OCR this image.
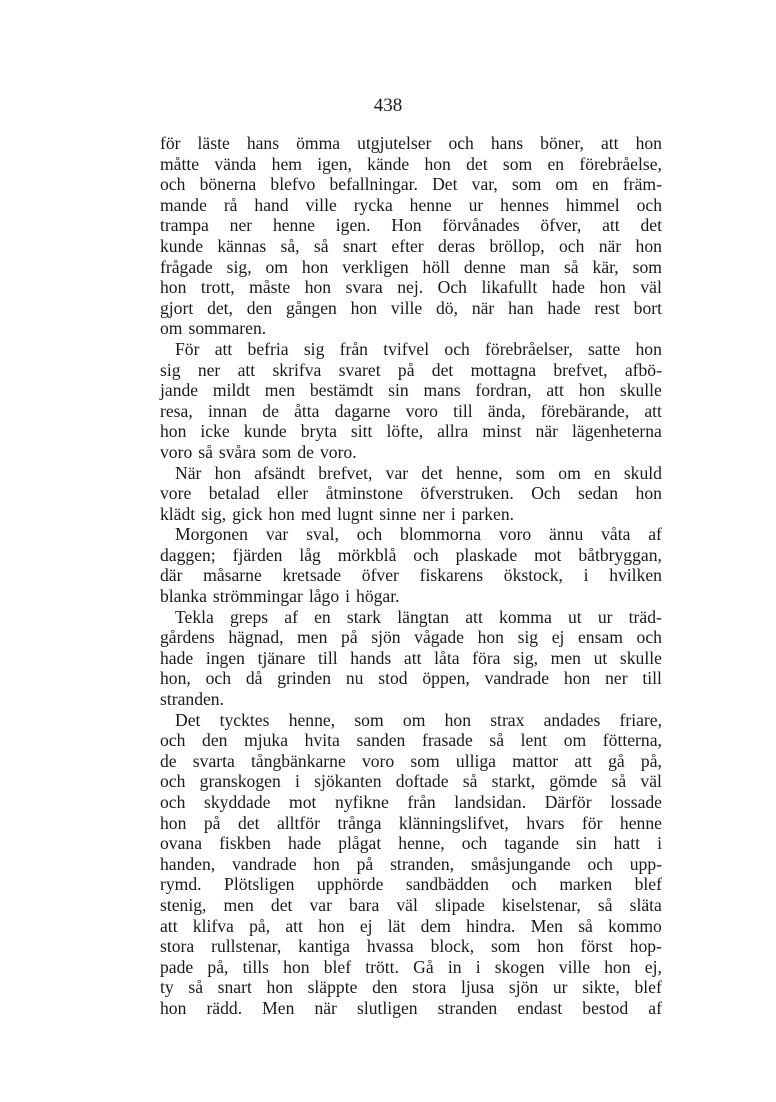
438
för läste hans ömma utgjutelser och hans böner, att hon
måtte vända hem igen, kände hon det som en förebråelse,
och bönerna blefvo befallningar. Det var, som om en främ-
mande rå hand ville rycka henne ur hennes himmel och
trampa ner henne igen. Hon förvånades öfver, att det
kunde kännas så, så snart efter deras bröllop, och när hon
frågade sig, om hon verkligen höll denne man så kär, som
hon trott, måste hon svara nej. Och likafullt hade hon väl
gjort det, den gången hon ville dö, när han hade rest bort
om sommaren.
För att befria sig från tvifvel och förebråelser, satte hon
sig ner att skrifva svaret på det mottagna brefvet, afbö-
jande mildt men bestämdt sin mans fordran, att hon skulle
resa, innan de åtta dagarne voro till ända, förebärande, att
hon icke kunde bryta sitt löfte, allra minst när lägenheterna
voro så svåra som de voro.
När hon afsändt brefvet, var det henne, som om en skuld
vore betalad eller åtminstone öfverstruken. Och sedan hon
klädt sig, gick hon med lugnt sinne ner i parken.
Morgonen var sval, och blommorna voro ännu våta af
daggen; fjärden låg mörkblå och plaskade mot båtbryggan,
där måsarne kretsade öfver fiskarens ökstock, i hvilken
blanka strömmingar lågo i högar.
Tekla greps af en stark längtan att komma ut ur träd-
gårdens hägnad, men på sjön vågade hon sig ej ensam och
hade ingen tjänare till hands att låta föra sig, men ut skulle
hon, och då grinden nu stod öppen, vandrade hon ner till
stranden.
Det tycktes henne, som om hon strax andades friare,
och den mjuka hvita sanden frasade så lent om fötterna,
de svarta tångbänkarne voro som ulliga mattor att gå på,
och granskogen i sjökanten doftade så starkt, gömde så väl
och skyddade mot nyfikne från landsidan. Därför lossade
hon på det alltför trånga klänningslifvet, hvars för henne
ovana fiskben hade plågat henne, och tagande sin hatt i
handen, vandrade hon på stranden, småsjungande och upp-
rymd. Plötsligen upphörde sandbädden och marken blef
stenig, men det var bara väl slipade kiselstenar, så släta
att klifva på, att hon ej lät dem hindra. Men så kommo
stora rullstenar, kantiga hvassa block, som hon först hop-
pade på, tills hon blef trött. Gå in i skogen ville hon ej,
ty så snart hon släppte den stora ljusa sjön ur sikte, blef
hon rädd. Men när slutligen stranden endast bestod af
